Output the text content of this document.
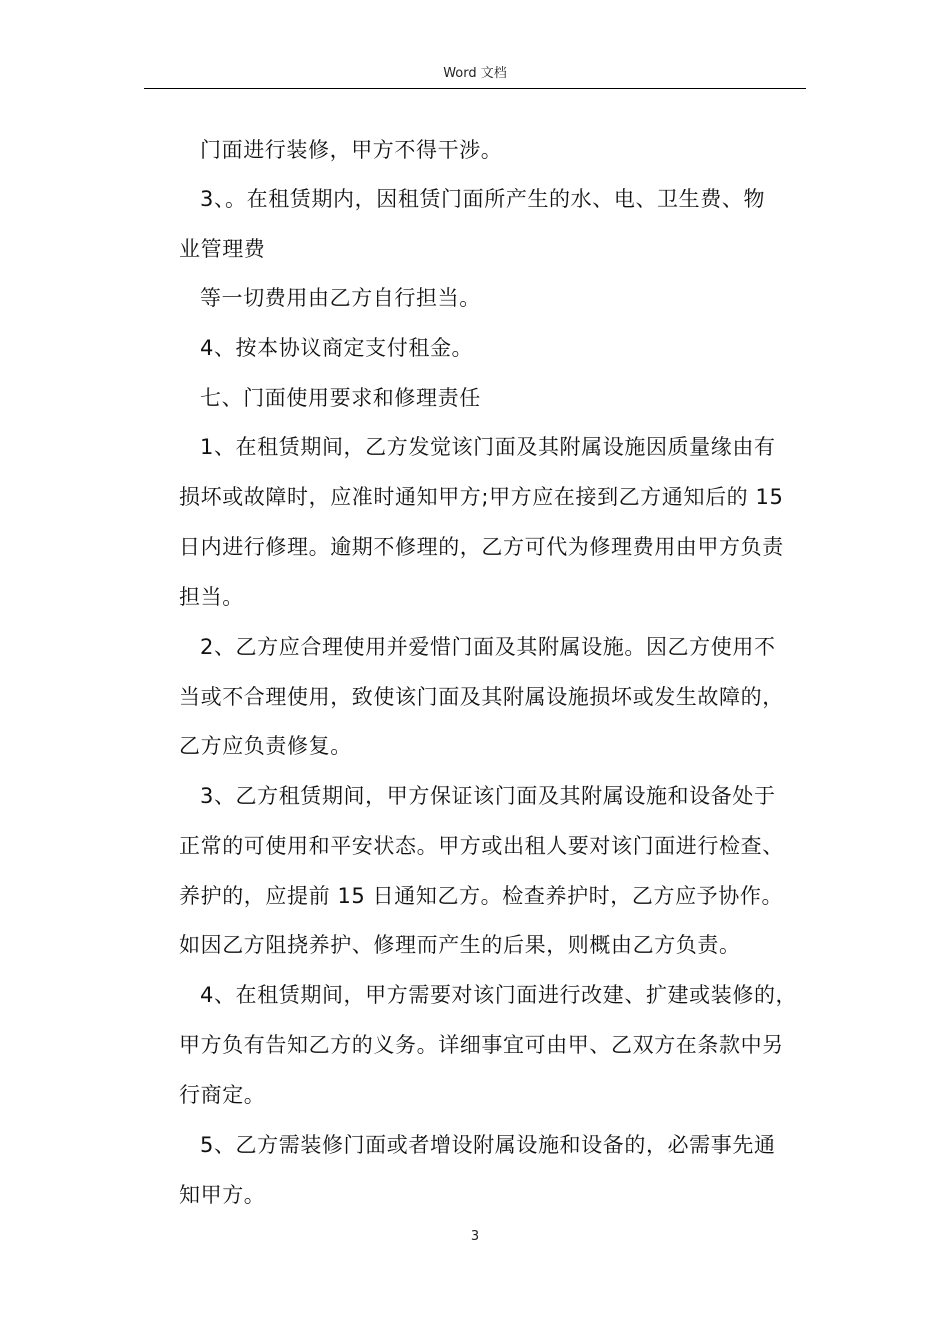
Word 文档
门面进行装修，甲方不得干涉。
3、。在租赁期内，因租赁门面所产生的水、电、卫生费、物
业管理费
等一切费用由乙方自行担当。
4、按本协议商定支付租金。
七、门面使用要求和修理责任
1、在租赁期间，乙方发觉该门面及其附属设施因质量缘由有
损坏或故障时，应准时通知甲方;甲方应在接到乙方通知后的 15
日内进行修理。逾期不修理的，乙方可代为修理费用由甲方负责
担当。
2、乙方应合理使用并爱惜门面及其附属设施。因乙方使用不
当或不合理使用，致使该门面及其附属设施损坏或发生故障的，
乙方应负责修复。
3、乙方租赁期间，甲方保证该门面及其附属设施和设备处于
正常的可使用和平安状态。甲方或出租人要对该门面进行检查、
养护的，应提前 15 日通知乙方。检查养护时，乙方应予协作。
如因乙方阻挠养护、修理而产生的后果，则概由乙方负责。
4、在租赁期间，甲方需要对该门面进行改建、扩建或装修的，
甲方负有告知乙方的义务。详细事宜可由甲、乙双方在条款中另
行商定。
5、乙方需装修门面或者增设附属设施和设备的，必需事先通
知甲方。
3
